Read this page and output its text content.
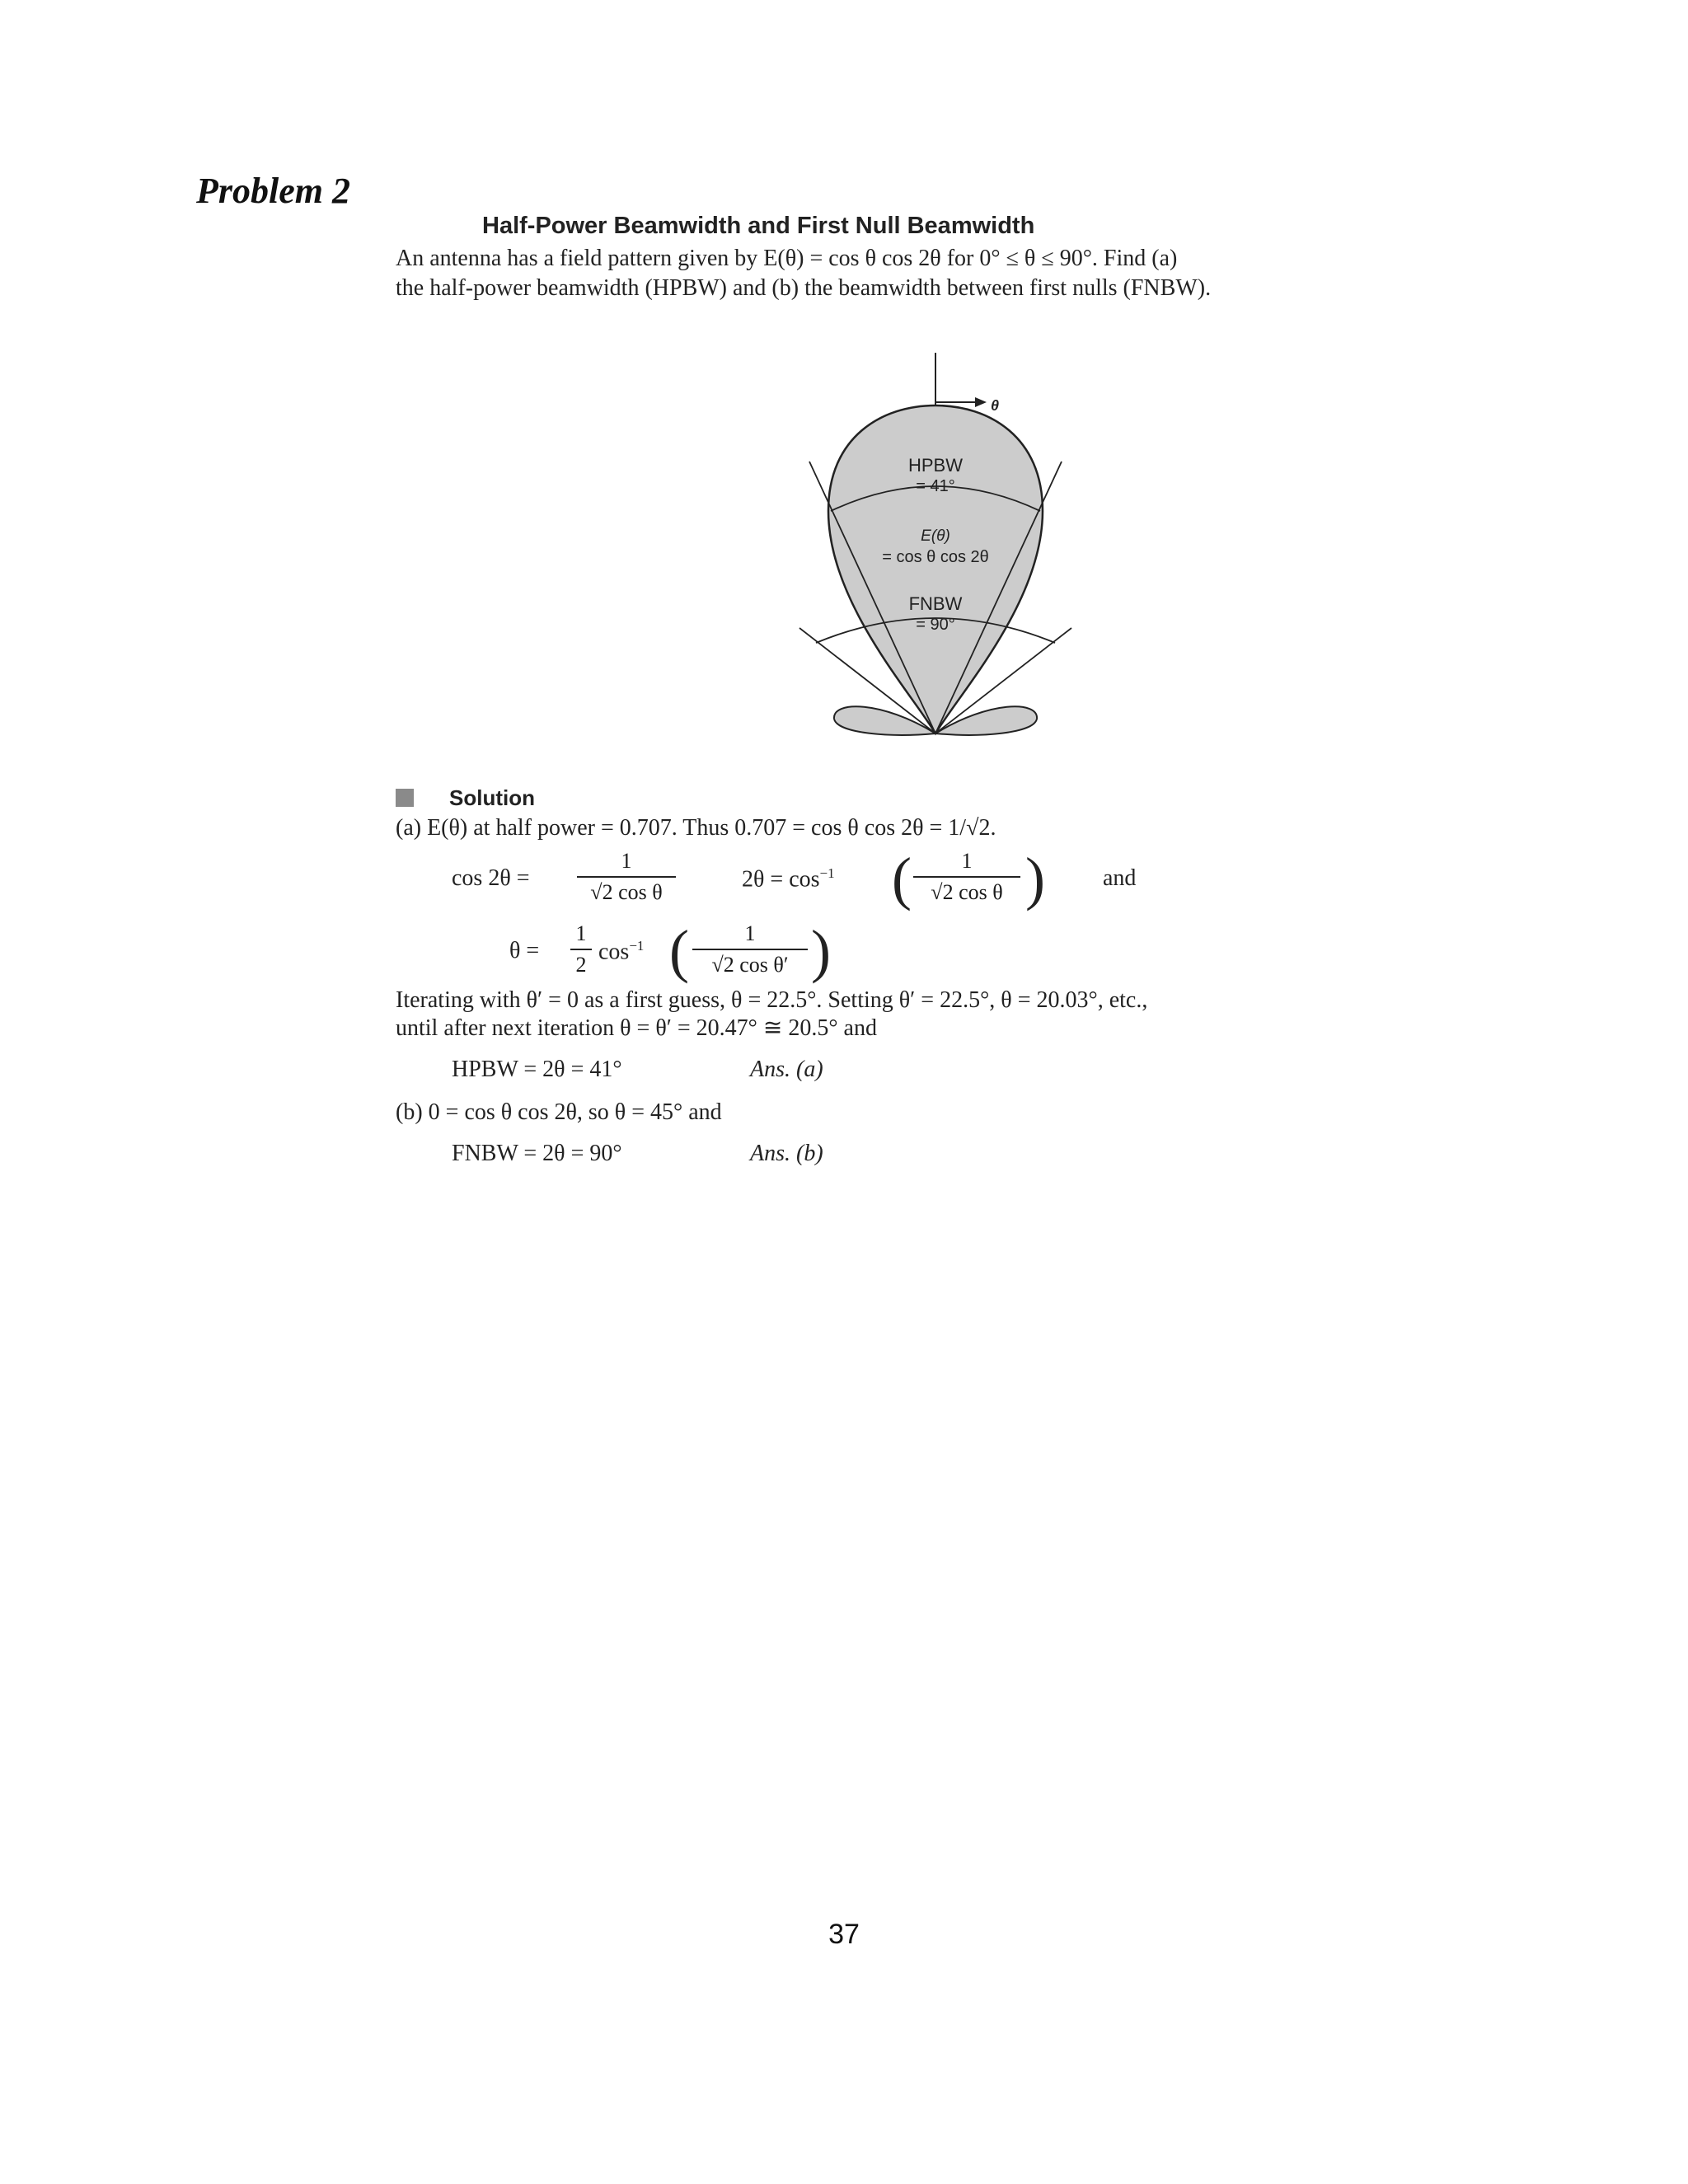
Problem 2
Half-Power Beamwidth and First Null Beamwidth
An antenna has a field pattern given by E(θ) = cos θ cos 2θ for 0° ≤ θ ≤ 90°. Find (a)
the half-power beamwidth (HPBW) and (b) the beamwidth between first nulls (FNBW).
θ
HPBW
= 41°
E(θ)
= cos θ cos 2θ
FNBW
= 90°
Solution
(a) E(θ) at half power = 0.707. Thus 0.707 = cos θ cos 2θ = 1/√2.
cos 2θ =
1
√2 cos θ
$2\theta = \cos^{-1}$ (	1
√2 cos θ )	and
θ =
1
2
$\cos^{-1}$ (	1
√2 cos θ′ )
Iterating with θ′ = 0 as a first guess, θ = 22.5°. Setting θ′ = 22.5°, θ = 20.03°, etc.,
until after next iteration θ = θ′ = 20.47° ≅ 20.5° and
HPBW = 2θ = 41°	Ans. (a)
(b) 0 = cos θ cos 2θ, so θ = 45° and
FNBW = 2θ = 90°	Ans. (b)
37
